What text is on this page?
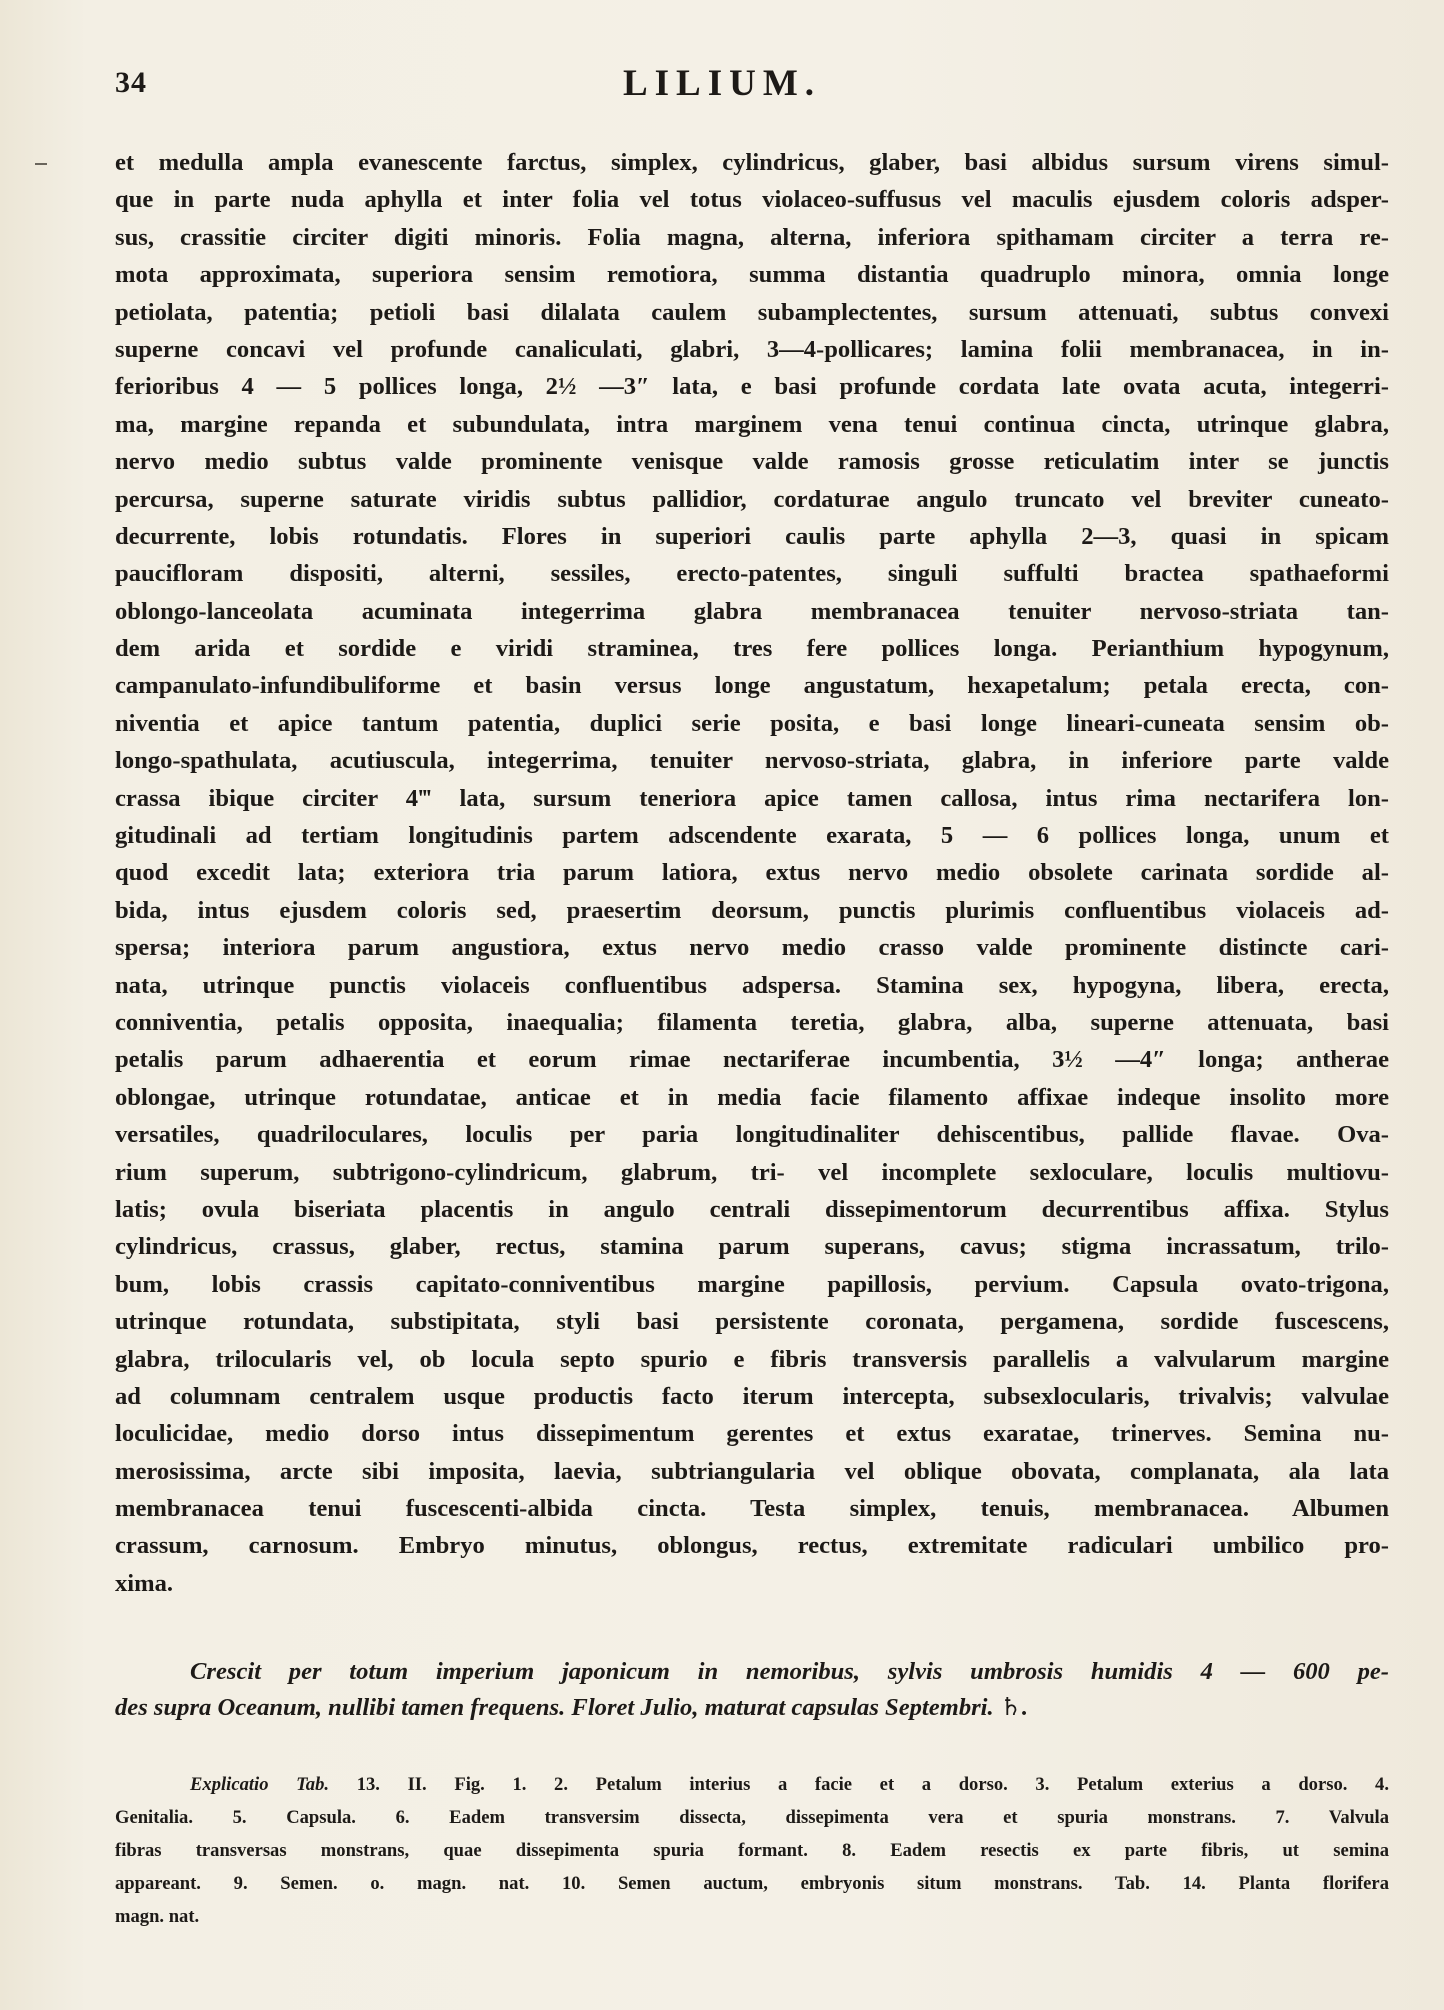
34	LILIUM.
et medulla ampla evanescente farctus, simplex, cylindricus, glaber, basi albidus sursum virens simul-
que in parte nuda aphylla et inter folia vel totus violaceo-suffusus vel maculis ejusdem coloris adsper-
sus, crassitie circiter digiti minoris. Folia magna, alterna, inferiora spithamam circiter a terra re-
mota approximata, superiora sensim remotiora, summa distantia quadruplo minora, omnia longe
petiolata, patentia; petioli basi dilalata caulem subamplectentes, sursum attenuati, subtus convexi
superne concavi vel profunde canaliculati, glabri, 3—4-pollicares; lamina folii membranacea, in in-
ferioribus 4 — 5 pollices longa, 2½ —3″ lata, e basi profunde cordata late ovata acuta, integerri-
ma, margine repanda et subundulata, intra marginem vena tenui continua cincta, utrinque glabra,
nervo medio subtus valde prominente venisque valde ramosis grosse reticulatim inter se junctis
percursa, superne saturate viridis subtus pallidior, cordaturae angulo truncato vel breviter cuneato-
decurrente, lobis rotundatis. Flores in superiori caulis parte aphylla 2—3, quasi in spicam
paucifloram dispositi, alterni, sessiles, erecto-patentes, singuli suffulti bractea spathaeformi
oblongo-lanceolata acuminata integerrima glabra membranacea tenuiter nervoso-striata tan-
dem arida et sordide e viridi straminea, tres fere pollices longa. Perianthium hypogynum,
campanulato-infundibuliforme et basin versus longe angustatum, hexapetalum; petala erecta, con-
niventia et apice tantum patentia, duplici serie posita, e basi longe lineari-cuneata sensim ob-
longo-spathulata, acutiuscula, integerrima, tenuiter nervoso-striata, glabra, in inferiore parte valde
crassa ibique circiter 4‴ lata, sursum teneriora apice tamen callosa, intus rima nectarifera lon-
gitudinali ad tertiam longitudinis partem adscendente exarata, 5 — 6 pollices longa, unum et
quod excedit lata; exteriora tria parum latiora, extus nervo medio obsolete carinata sordide al-
bida, intus ejusdem coloris sed, praesertim deorsum, punctis plurimis confluentibus violaceis ad-
spersa; interiora parum angustiora, extus nervo medio crasso valde prominente distincte cari-
nata, utrinque punctis violaceis confluentibus adspersa. Stamina sex, hypogyna, libera, erecta,
conniventia, petalis opposita, inaequalia; filamenta teretia, glabra, alba, superne attenuata, basi
petalis parum adhaerentia et eorum rimae nectariferae incumbentia, 3½ —4″ longa; antherae
oblongae, utrinque rotundatae, anticae et in media facie filamento affixae indeque insolito more
versatiles, quadriloculares, loculis per paria longitudinaliter dehiscentibus, pallide flavae. Ova-
rium superum, subtrigono-cylindricum, glabrum, tri- vel incomplete sexloculare, loculis multiovu-
latis; ovula biseriata placentis in angulo centrali dissepimentorum decurrentibus affixa. Stylus
cylindricus, crassus, glaber, rectus, stamina parum superans, cavus; stigma incrassatum, trilo-
bum, lobis crassis capitato-conniventibus margine papillosis, pervium. Capsula ovato-trigona,
utrinque rotundata, substipitata, styli basi persistente coronata, pergamena, sordide fuscescens,
glabra, trilocularis vel, ob locula septo spurio e fibris transversis parallelis a valvularum margine
ad columnam centralem usque productis facto iterum intercepta, subsexlocularis, trivalvis; valvulae
loculicidae, medio dorso intus dissepimentum gerentes et extus exaratae, trinerves. Semina nu-
merosissima, arcte sibi imposita, laevia, subtriangularia vel oblique obovata, complanata, ala lata
membranacea tenui fuscescenti-albida cincta. Testa simplex, tenuis, membranacea. Albumen
crassum, carnosum. Embryo minutus, oblongus, rectus, extremitate radiculari umbilico pro-
xima.
Crescit per totum imperium japonicum in nemoribus, sylvis umbrosis humidis 4 — 600 pe-
des supra Oceanum, nullibi tamen frequens. Floret Julio, maturat capsulas Septembri. ♄.
Explicatio Tab. 13. II. Fig. 1. 2. Petalum interius a facie et a dorso. 3. Petalum exterius a dorso. 4.
Genitalia. 5. Capsula. 6. Eadem transversim dissecta, dissepimenta vera et spuria monstrans. 7. Valvula
fibras transversas monstrans, quae dissepimenta spuria formant. 8. Eadem resectis ex parte fibris, ut semina
appareant. 9. Semen. o. magn. nat. 10. Semen auctum, embryonis situm monstrans. Tab. 14. Planta florifera
magn. nat.
